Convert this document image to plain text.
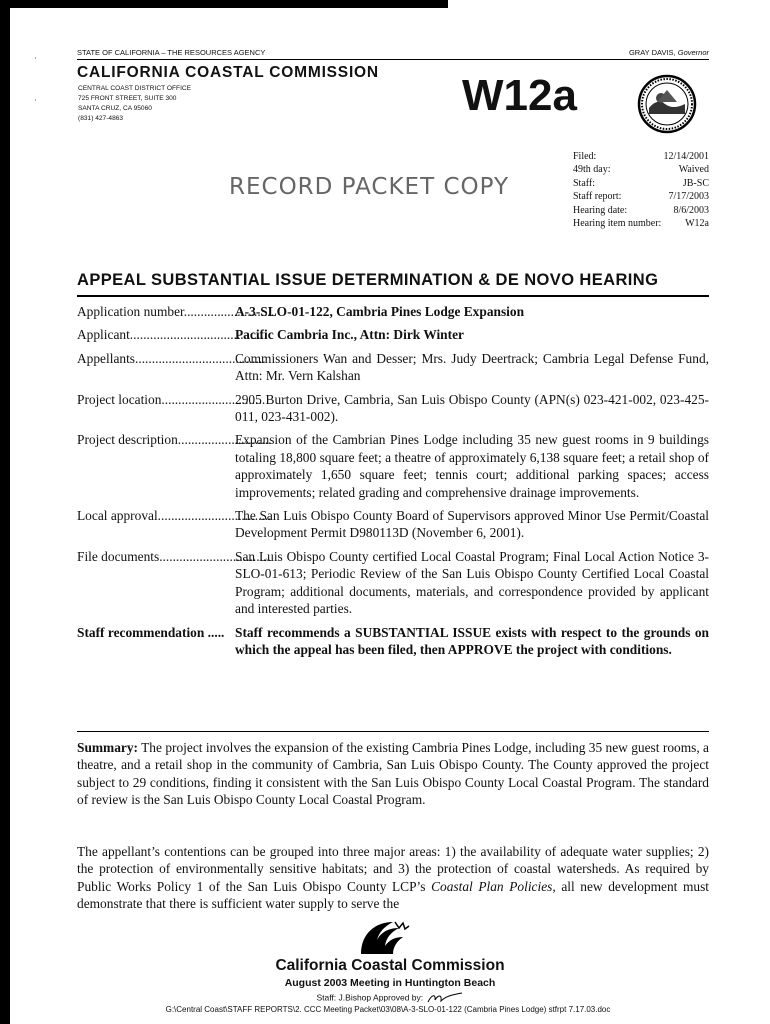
·
·
STATE OF CALIFORNIA – THE RESOURCES AGENCY	GRAY DAVIS, Governor
CALIFORNIA COASTAL COMMISSION
CENTRAL COAST DISTRICT OFFICE
725 FRONT STREET, SUITE 300
SANTA CRUZ, CA 95060
(831) 427-4863	W12a
RECORD PACKET COPY
Filed:	12/14/2001
49th day:	Waived
Staff:	JB-SC
Staff report:	7/17/2003
Hearing date:	8/6/2003
Hearing item number: W12a
APPEAL SUBSTANTIAL ISSUE DETERMINATION & DE NOVO HEARING
Application number...........................
A-3-SLO-01-122, Cambria Pines Lodge Expansion
Applicant........................................
Pacific Cambria Inc., Attn: Dirk Winter
Appellants.......................................
Commissioners Wan and Desser; Mrs. Judy Deertrack; Cambria Legal Defense Fund, Attn: Mr. Vern Kalshan
Project location...............................
2905 Burton Drive, Cambria, San Luis Obispo County (APN(s) 023-421-002, 023-425-011, 023-431-002).
Project description............................
Expansion of the Cambrian Pines Lodge including 35 new guest rooms in 9 buildings totaling 18,800 square feet; a theatre of approximately 6,138 square feet; a retail shop of approximately 1,650 square feet; tennis court; additional parking spaces; access improvements; related grading and comprehensive drainage improvements.
Local approval..................................
The San Luis Obispo County Board of Supervisors approved Minor Use Permit/Coastal Development Permit D980113D (November 6, 2001).
File documents.................................
San Luis Obispo County certified Local Coastal Program; Final Local Action Notice 3-SLO-01-613; Periodic Review of the San Luis Obispo County Certified Local Coastal Program; additional documents, materials, and correspondence provided by applicant and interested parties.
Staff recommendation ..... Staff recommends a SUBSTANTIAL ISSUE exists with respect to the grounds on which the appeal has been filed, then APPROVE the project with conditions.
Summary: The project involves the expansion of the existing Cambria Pines Lodge, including 35 new guest rooms, a theatre, and a retail shop in the community of Cambria, San Luis Obispo County. The County approved the project subject to 29 conditions, finding it consistent with the San Luis Obispo County Local Coastal Program. The standard of review is the San Luis Obispo County Local Coastal Program.
The appellant’s contentions can be grouped into three major areas: 1) the availability of adequate water supplies; 2) the protection of environmentally sensitive habitats; and 3) the protection of coastal watersheds. As required by Public Works Policy 1 of the San Luis Obispo County LCP’s Coastal Plan Policies, all new development must demonstrate that there is sufficient water supply to serve the
California Coastal Commission
August 2003 Meeting in Huntington Beach
Staff: J.Bishop Approved by:
G:\Central Coast\STAFF REPORTS\2. CCC Meeting Packet\03\08\A-3-SLO-01-122 (Cambria Pines Lodge) stfrpt 7.17.03.doc
